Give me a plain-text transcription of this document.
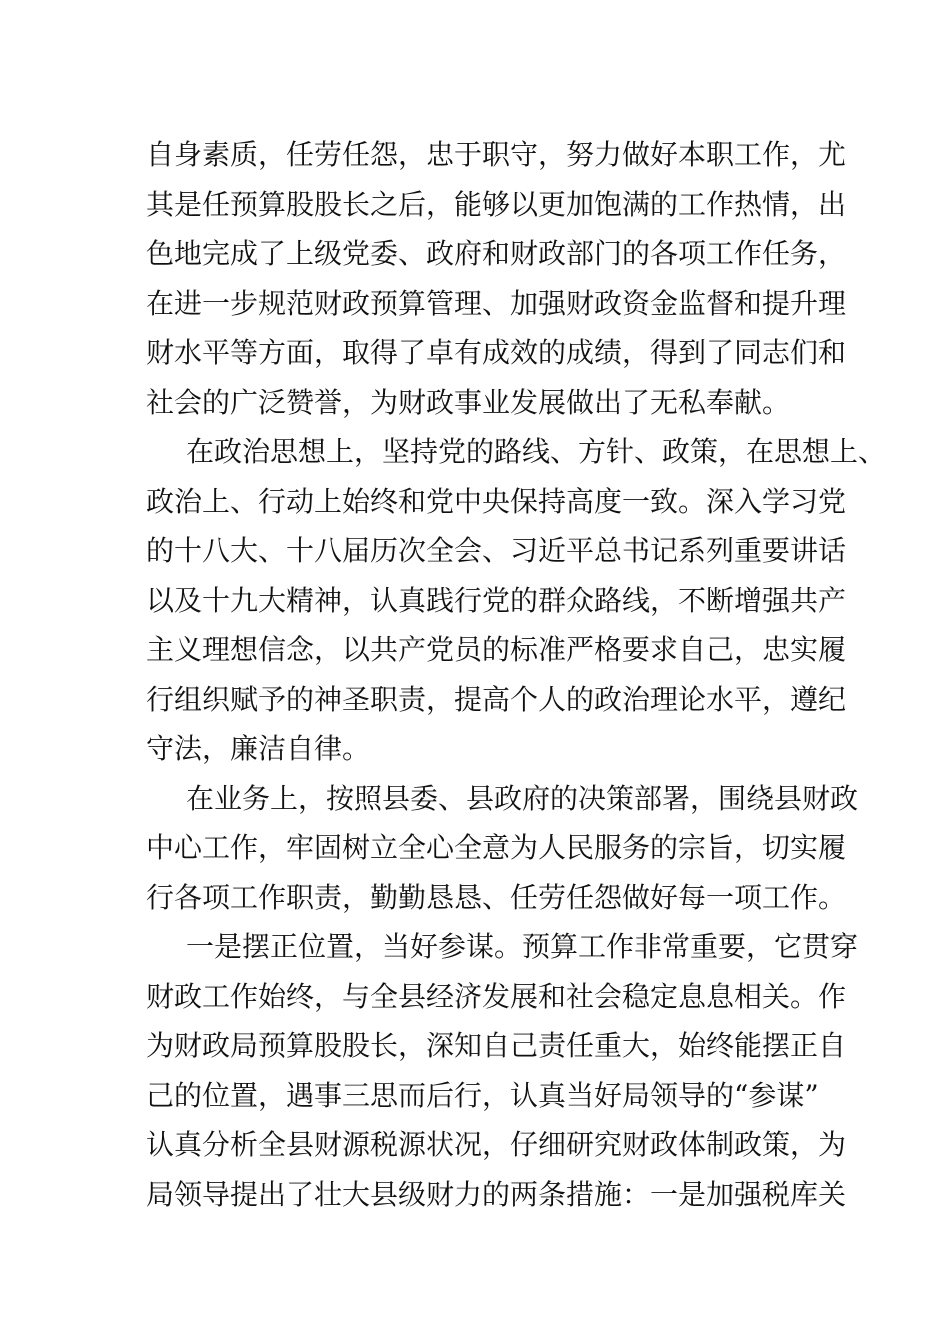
自身素质，任劳任怨，忠于职守，努力做好本职工作，尤
其是任预算股股长之后，能够以更加饱满的工作热情，出
色地完成了上级党委、政府和财政部门的各项工作任务，
在进一步规范财政预算管理、加强财政资金监督和提升理
财水平等方面，取得了卓有成效的成绩，得到了同志们和
社会的广泛赞誉，为财政事业发展做出了无私奉献。
在政治思想上，坚持党的路线、方针、政策，在思想上、
政治上、行动上始终和党中央保持高度一致。深入学习党
的十八大、十八届历次全会、习近平总书记系列重要讲话
以及十九大精神，认真践行党的群众路线，不断增强共产
主义理想信念，以共产党员的标准严格要求自己，忠实履
行组织赋予的神圣职责，提高个人的政治理论水平，遵纪
守法，廉洁自律。
在业务上，按照县委、县政府的决策部署，围绕县财政
中心工作，牢固树立全心全意为人民服务的宗旨，切实履
行各项工作职责，勤勤恳恳、任劳任怨做好每一项工作。
一是摆正位置，当好参谋。预算工作非常重要，它贯穿
财政工作始终，与全县经济发展和社会稳定息息相关。作
为财政局预算股股长，深知自己责任重大，始终能摆正自
己的位置，遇事三思而后行，认真当好局领导的“参谋”
认真分析全县财源税源状况，仔细研究财政体制政策，为
局领导提出了壮大县级财力的两条措施：一是加强税库关
